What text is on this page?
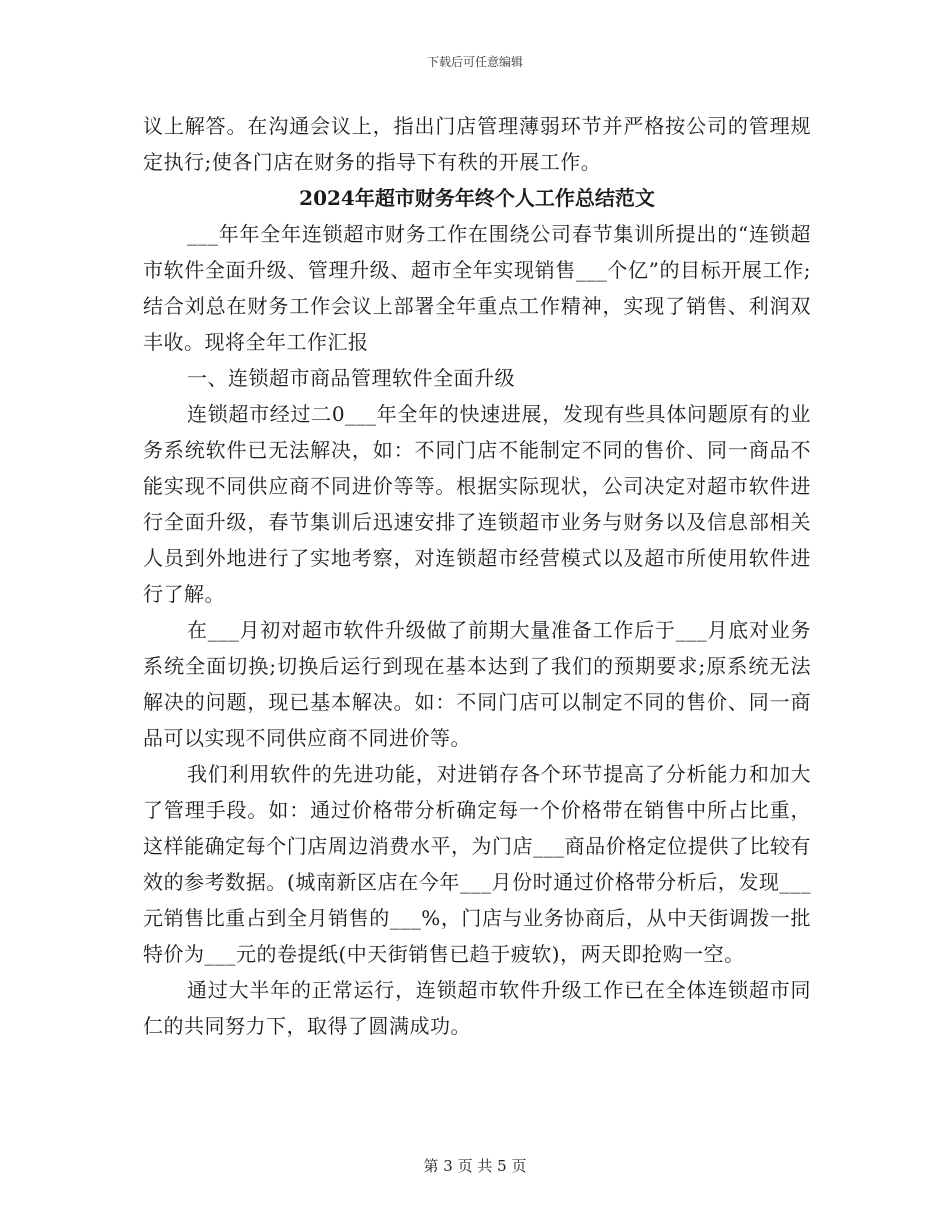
下载后可任意编辑

议上解答。在沟通会议上，指出门店管理薄弱环节并严格按公司的管理规定执行;使各门店在财务的指导下有秩的开展工作。

2024年超市财务年终个人工作总结范文

___年年全年连锁超市财务工作在围绕公司春节集训所提出的“连锁超市软件全面升级、管理升级、超市全年实现销售___个亿”的目标开展工作;结合刘总在财务工作会议上部署全年重点工作精神，实现了销售、利润双丰收。现将全年工作汇报

一、连锁超市商品管理软件全面升级

连锁超市经过二0___年全年的快速进展，发现有些具体问题原有的业务系统软件已无法解决，如：不同门店不能制定不同的售价、同一商品不能实现不同供应商不同进价等等。根据实际现状，公司决定对超市软件进行全面升级，春节集训后迅速安排了连锁超市业务与财务以及信息部相关人员到外地进行了实地考察，对连锁超市经营模式以及超市所使用软件进行了解。

在___月初对超市软件升级做了前期大量准备工作后于___月底对业务系统全面切换;切换后运行到现在基本达到了我们的预期要求;原系统无法解决的问题，现已基本解决。如：不同门店可以制定不同的售价、同一商品可以实现不同供应商不同进价等。

我们利用软件的先进功能，对进销存各个环节提高了分析能力和加大了管理手段。如：通过价格带分析确定每一个价格带在销售中所占比重，这样能确定每个门店周边消费水平，为门店___商品价格定位提供了比较有效的参考数据。(城南新区店在今年___月份时通过价格带分析后，发现___元销售比重占到全月销售的___%，门店与业务协商后，从中天街调拨一批特价为___元的卷提纸(中天街销售已趋于疲软)，两天即抢购一空。

通过大半年的正常运行，连锁超市软件升级工作已在全体连锁超市同仁的共同努力下，取得了圆满成功。

第 3 页 共 5 页
